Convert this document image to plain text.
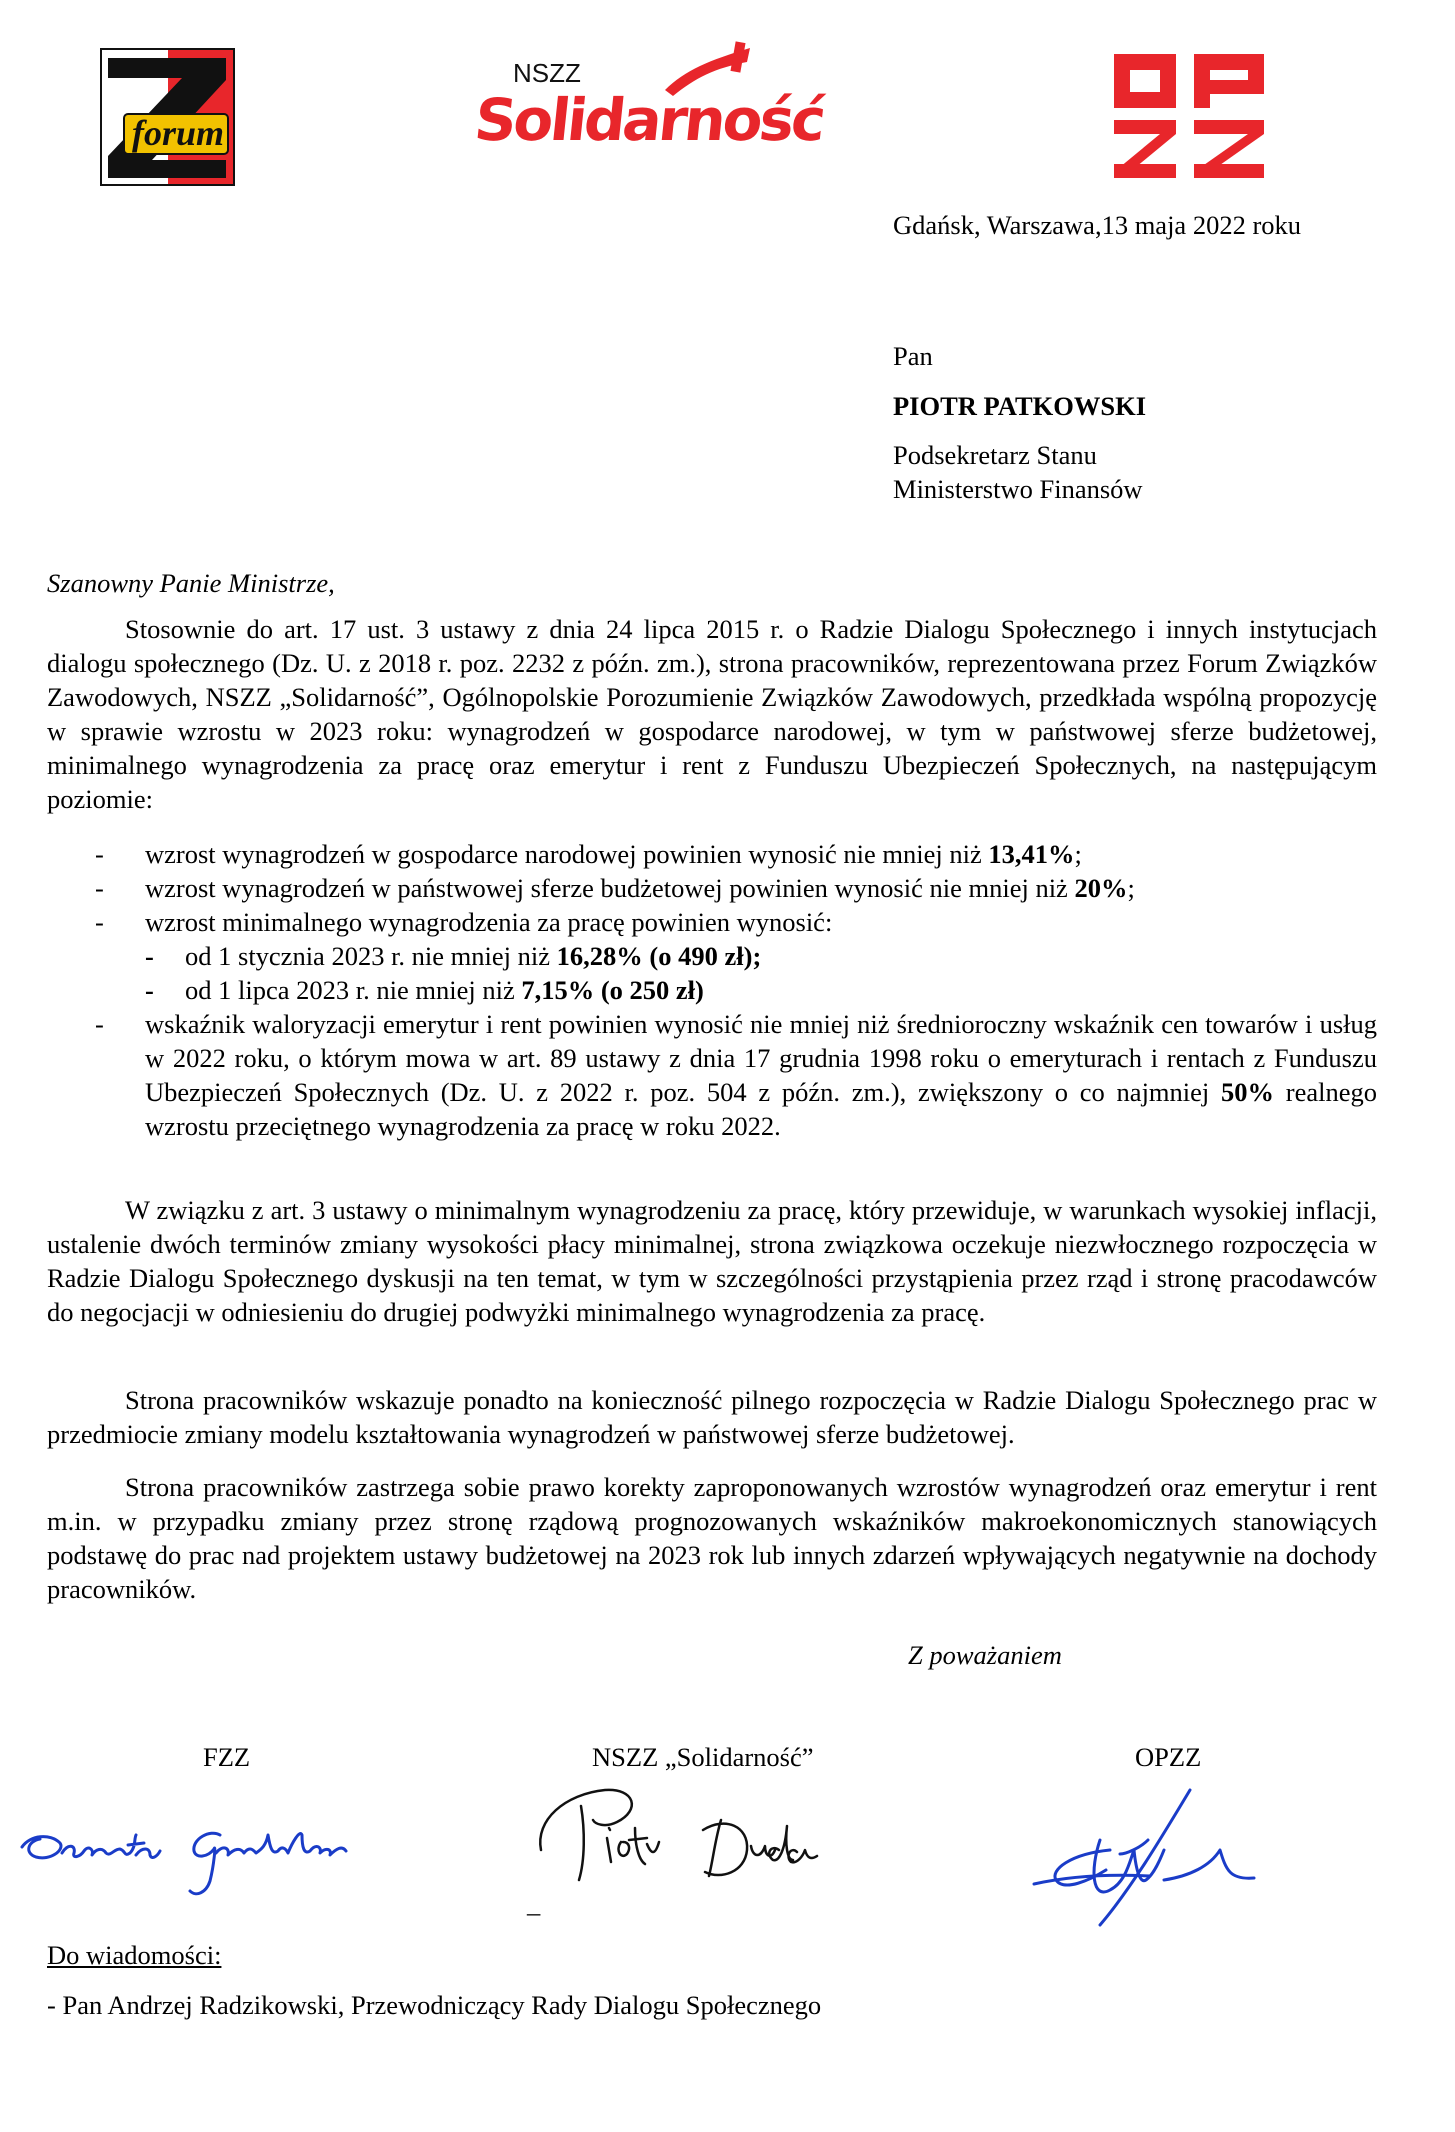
forum
NSZZ
Solidarność
Gdańsk, Warszawa,13 maja 2022 roku
Pan
PIOTR PATKOWSKI
Podsekretarz Stanu
Ministerstwo Finansów
Szanowny Panie Ministrze,

Stosownie do art. 17 ust. 3 ustawy z dnia 24 lipca 2015 r. o Radzie Dialogu Społecznego i innych instytucjach dialogu społecznego (Dz. U. z 2018 r. poz. 2232 z późn. zm.), strona pracowników, reprezentowana przez Forum Związków Zawodowych, NSZZ „Solidarność”, Ogólnopolskie Porozumienie Związków Zawodowych, przedkłada wspólną propozycję w sprawie wzrostu w 2023 roku: wynagrodzeń w gospodarce narodowej, w tym w państwowej sferze budżetowej, minimalnego wynagrodzenia za pracę oraz emerytur i rent z Funduszu Ubezpieczeń Społecznych, na następującym poziomie:

- wzrost wynagrodzeń w gospodarce narodowej powinien wynosić nie mniej niż 13,41%;
- wzrost wynagrodzeń w państwowej sferze budżetowej powinien wynosić nie mniej niż 20%;
- wzrost minimalnego wynagrodzenia za pracę powinien wynosić:
- od 1 stycznia 2023 r. nie mniej niż 16,28% (o 490 zł);
- od 1 lipca 2023 r. nie mniej niż 7,15% (o 250 zł)
- wskaźnik waloryzacji emerytur i rent powinien wynosić nie mniej niż średnioroczny wskaźnik cen towarów i usług w 2022 roku, o którym mowa w art. 89 ustawy z dnia 17 grudnia 1998 roku o emeryturach i rentach z Funduszu Ubezpieczeń Społecznych (Dz. U. z 2022 r. poz. 504 z późn. zm.), zwiększony o co najmniej 50% realnego wzrostu przeciętnego wynagrodzenia za pracę w roku 2022.

W związku z art. 3 ustawy o minimalnym wynagrodzeniu za pracę, który przewiduje, w warunkach wysokiej inflacji, ustalenie dwóch terminów zmiany wysokości płacy minimalnej, strona związkowa oczekuje niezwłocznego rozpoczęcia w Radzie Dialogu Społecznego dyskusji na ten temat, w tym w szczególności przystąpienia przez rząd i stronę pracodawców do negocjacji w odniesieniu do drugiej podwyżki minimalnego wynagrodzenia za pracę.

Strona pracowników wskazuje ponadto na konieczność pilnego rozpoczęcia w Radzie Dialogu Społecznego prac w przedmiocie zmiany modelu kształtowania wynagrodzeń w państwowej sferze budżetowej.

Strona pracowników zastrzega sobie prawo korekty zaproponowanych wzrostów wynagrodzeń oraz emerytur i rent m.in. w przypadku zmiany przez stronę rządową prognozowanych wskaźników makroekonomicznych stanowiących podstawę do prac nad projektem ustawy budżetowej na 2023 rok lub innych zdarzeń wpływających negatywnie na dochody pracowników.

Z poważaniem
FZZ	NSZZ „Solidarność”	OPZZ
_
Do wiadomości:
- Pan Andrzej Radzikowski, Przewodniczący Rady Dialogu Społecznego
